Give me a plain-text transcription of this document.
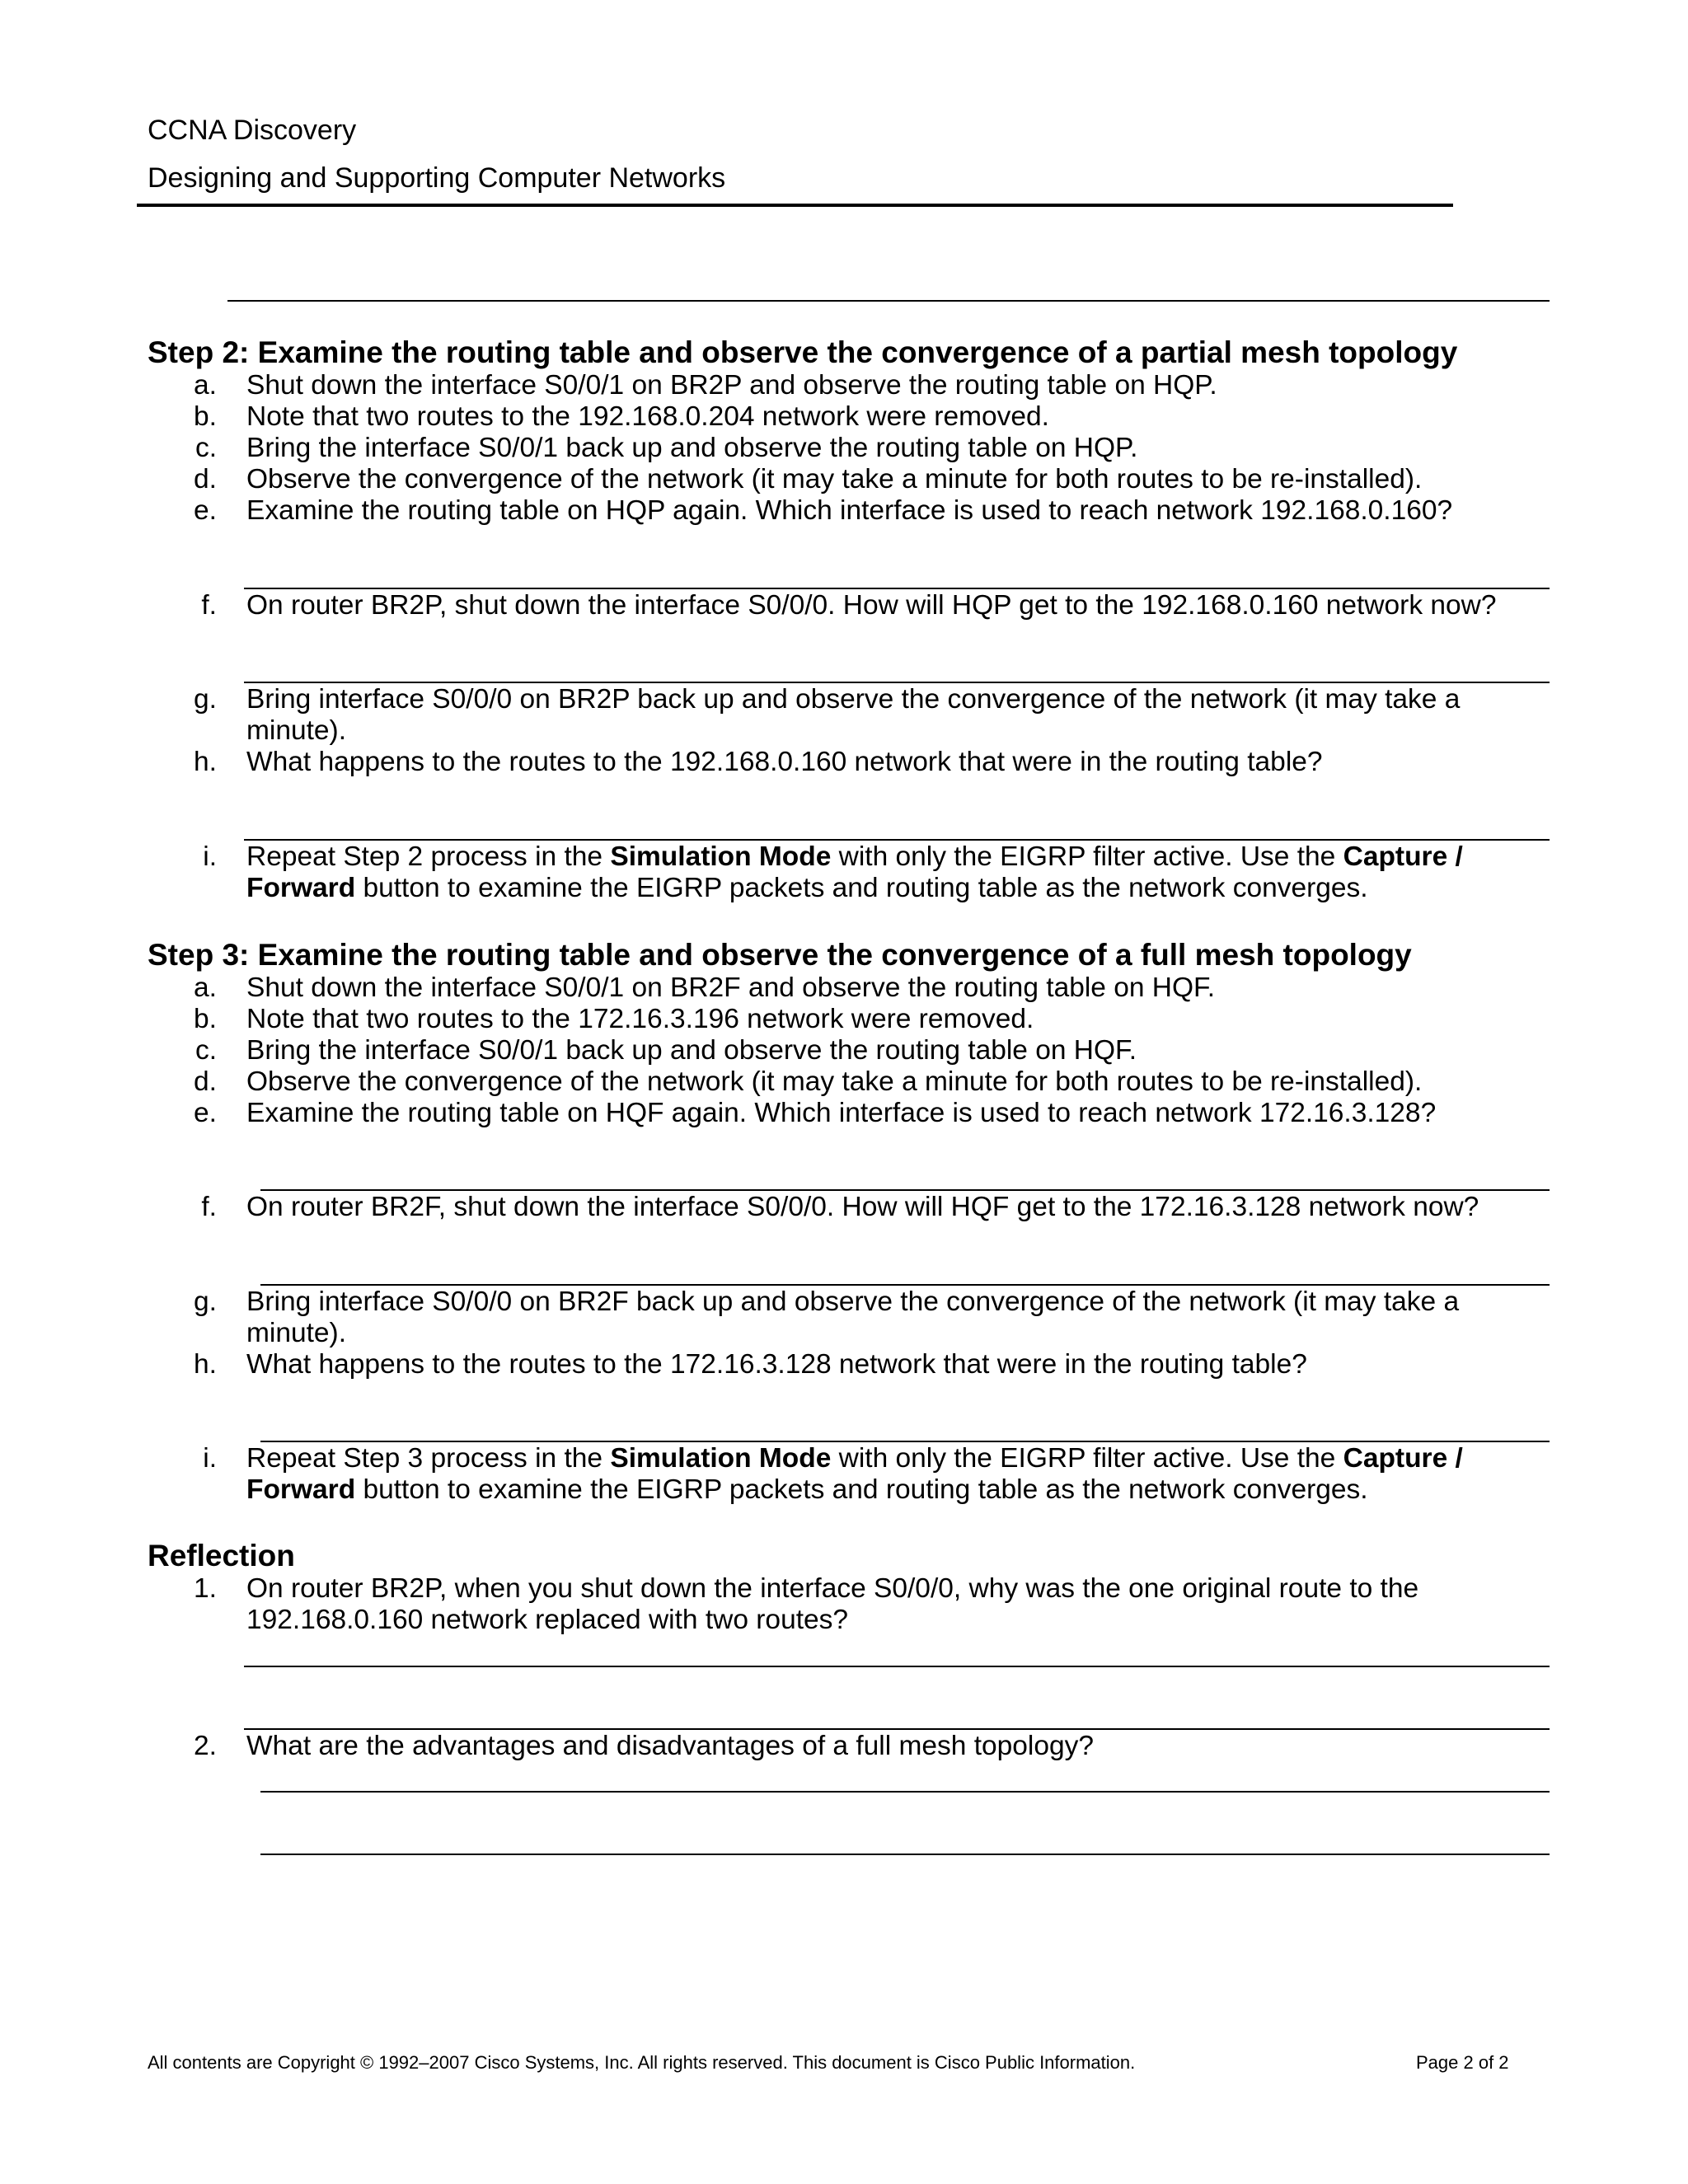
CCNA Discovery
Designing and Supporting Computer Networks
Step 2: Examine the routing table and observe the convergence of a partial mesh topology
a. Shut down the interface S0/0/1 on BR2P and observe the routing table on HQP.
b. Note that two routes to the 192.168.0.204 network were removed.
c. Bring the interface S0/0/1 back up and observe the routing table on HQP.
d. Observe the convergence of the network (it may take a minute for both routes to be re-installed).
e. Examine the routing table on HQP again. Which interface is used to reach network 192.168.0.160?
f. On router BR2P, shut down the interface S0/0/0. How will HQP get to the 192.168.0.160 network now?
g. Bring interface S0/0/0 on BR2P back up and observe the convergence of the network (it may take a
minute).
h. What happens to the routes to the 192.168.0.160 network that were in the routing table?
i. Repeat Step 2 process in the Simulation Mode with only the EIGRP filter active. Use the Capture /
Forward button to examine the EIGRP packets and routing table as the network converges.
Step 3: Examine the routing table and observe the convergence of a full mesh topology
a. Shut down the interface S0/0/1 on BR2F and observe the routing table on HQF.
b. Note that two routes to the 172.16.3.196 network were removed.
c. Bring the interface S0/0/1 back up and observe the routing table on HQF.
d. Observe the convergence of the network (it may take a minute for both routes to be re-installed).
e. Examine the routing table on HQF again. Which interface is used to reach network 172.16.3.128?
f. On router BR2F, shut down the interface S0/0/0. How will HQF get to the 172.16.3.128 network now?
g. Bring interface S0/0/0 on BR2F back up and observe the convergence of the network (it may take a
minute).
h. What happens to the routes to the 172.16.3.128 network that were in the routing table?
i. Repeat Step 3 process in the Simulation Mode with only the EIGRP filter active. Use the Capture /
Forward button to examine the EIGRP packets and routing table as the network converges.
Reflection
1. On router BR2P, when you shut down the interface S0/0/0, why was the one original route to the
192.168.0.160 network replaced with two routes?
2. What are the advantages and disadvantages of a full mesh topology?
All contents are Copyright © 1992–2007 Cisco Systems, Inc. All rights reserved. This document is Cisco Public Information.	Page 2 of 2
